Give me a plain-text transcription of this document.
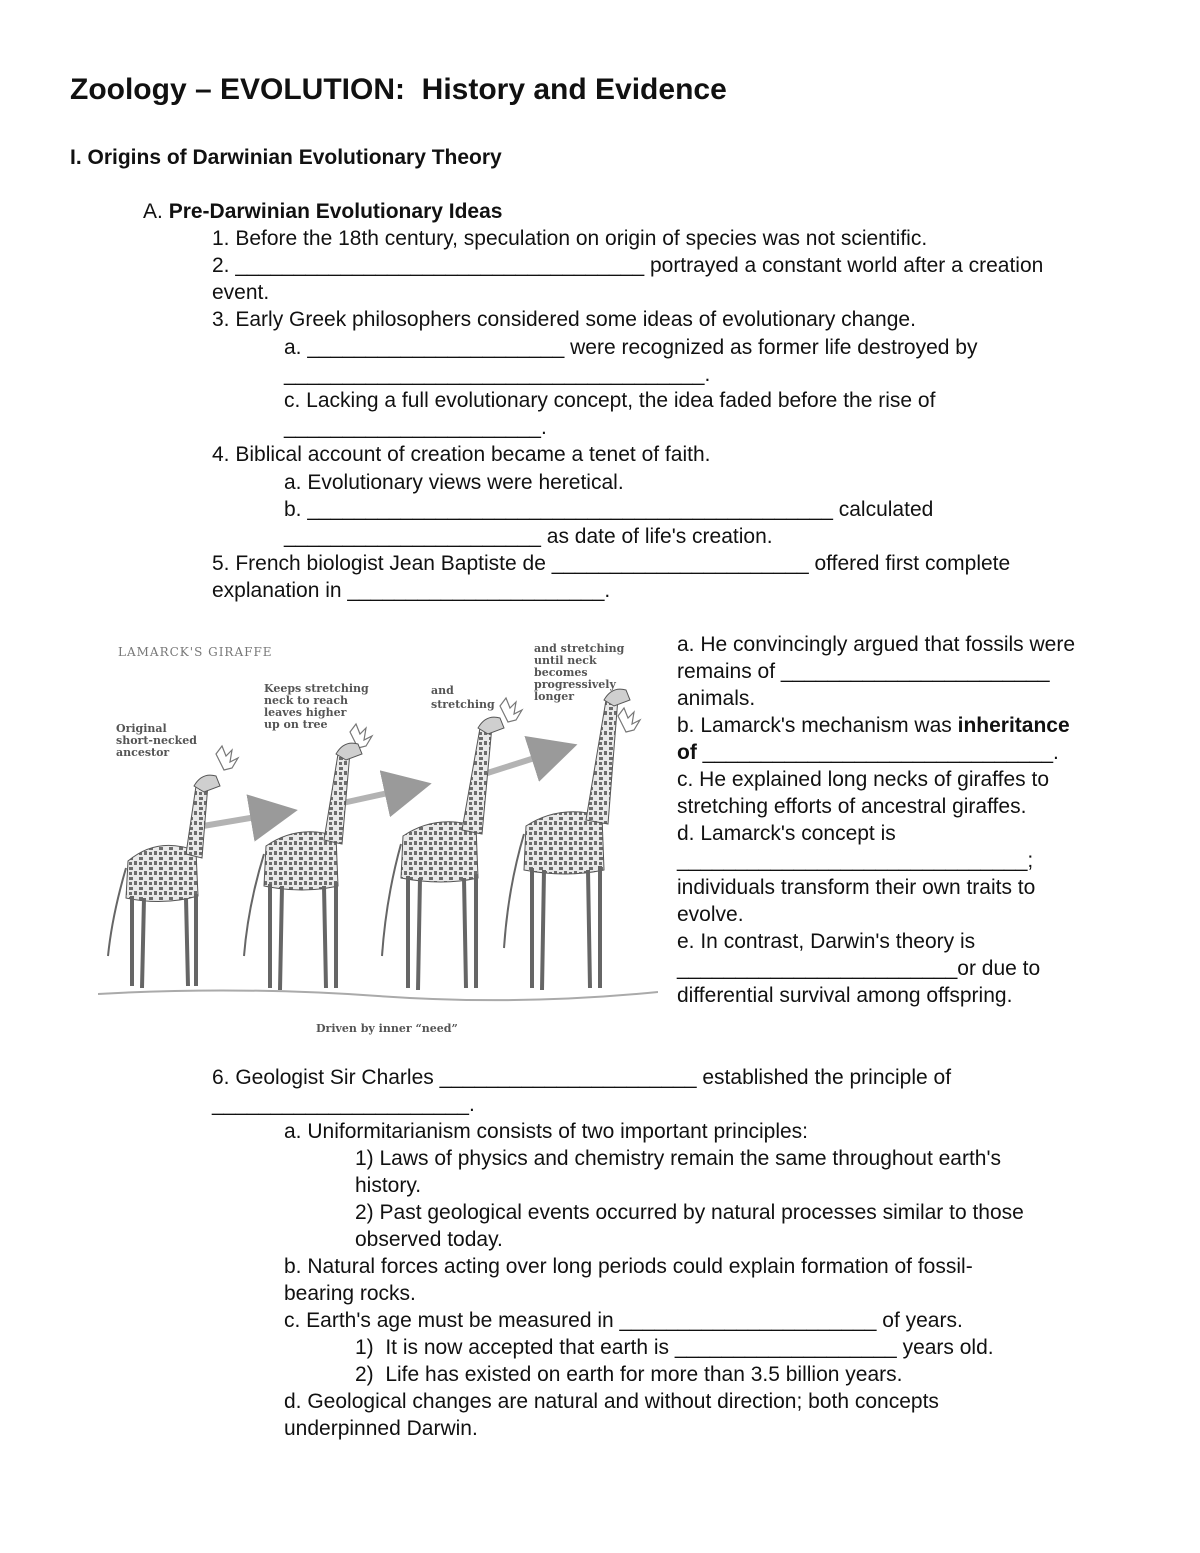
Zoology – EVOLUTION:  History and Evidence
I. Origins of Darwinian Evolutionary Theory
A. Pre-Darwinian Evolutionary Ideas
1. Before the 18th century, speculation on origin of species was not scientific.
2. ___________________________________ portrayed a constant world after a creation
event.
3. Early Greek philosophers considered some ideas of evolutionary change.
a. ______________________ were recognized as former life destroyed by
____________________________________.
c. Lacking a full evolutionary concept, the idea faded before the rise of
______________________.
4. Biblical account of creation became a tenet of faith.
a. Evolutionary views were heretical.
b. _____________________________________________ calculated
______________________ as date of life's creation.
5. French biologist Jean Baptiste de ______________________ offered first complete
explanation in ______________________.
LAMARCK'S GIRAFFE
Original
short-necked
ancestor
Keeps stretching
neck to reach
leaves higher
up on tree
and
stretching
and stretching
until neck
becomes
progressively
longer
Driven by inner “need”
a. He convincingly argued that fossils were
remains of _______________________
animals.
b. Lamarck's mechanism was inheritance
of ______________________________.
c. He explained long necks of giraffes to
stretching efforts of ancestral giraffes.
d. Lamarck's concept is
______________________________;
individuals transform their own traits to
evolve.
e. In contrast, Darwin's theory is
________________________or due to
differential survival among offspring.
6. Geologist Sir Charles ______________________ established the principle of
______________________.
a. Uniformitarianism consists of two important principles:
1) Laws of physics and chemistry remain the same throughout earth's
history.
2) Past geological events occurred by natural processes similar to those
observed today.
b. Natural forces acting over long periods could explain formation of fossil-
bearing rocks.
c. Earth's age must be measured in ______________________ of years.
1)  It is now accepted that earth is ___________________ years old.
2)  Life has existed on earth for more than 3.5 billion years.
d. Geological changes are natural and without direction; both concepts
underpinned Darwin.
